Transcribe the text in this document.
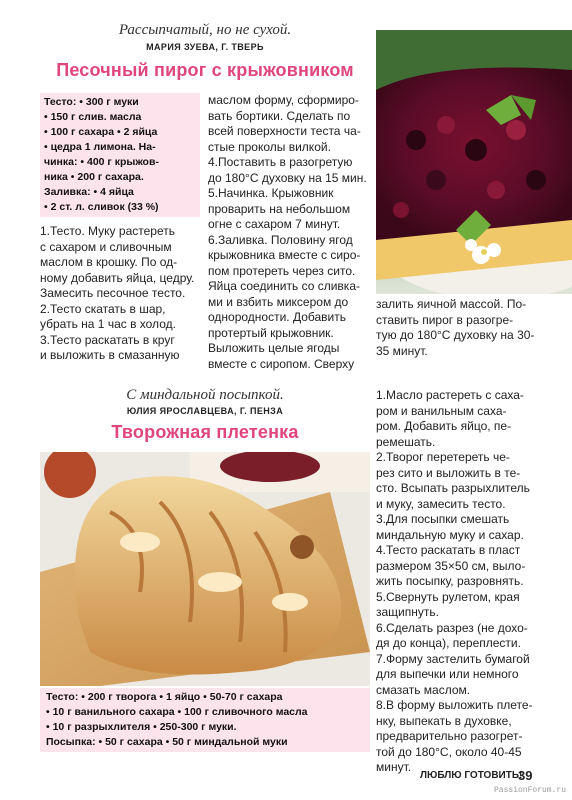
Рассыпчатый, но не сухой.
МАРИЯ ЗУЕВА, Г. ТВЕРЬ
Песочный пирог с крыжовником
Тесто: • 300 г муки
• 150 г слив. масла
• 100 г сахара • 2 яйца
• цедра 1 лимона. На-
чинка: • 400 г крыжов-
ника • 200 г сахара.
Заливка: • 4 яйца
• 2 ст. л. сливок (33 %)

1.Тесто. Муку растереть

с сахаром и сливочным

маслом в крошку. По од-

ному добавить яйца, цедру.

Замесить песочное тесто.

2.Тесто скатать в шар,

убрать на 1 час в холод.

3.Тесто раскатать в круг

и выложить в смазанную

маслом форму, сформиро-

вать бортики. Сделать по

всей поверхности теста ча-

стые проколы вилкой.

4.Поставить в разогретую

до 180°С духовку на 15 мин.

5.Начинка. Крыжовник

проварить на небольшом

огне с сахаром 7 минут.

6.Заливка. Половину ягод

крыжовника вместе с сиро-

пом протереть через сито.

Яйца соединить со сливка-

ми и взбить миксером до

однородности. Добавить

протертый крыжовник.

Выложить целые ягоды

вместе с сиропом. Сверху

залить яичной массой. По-

ставить пирог в разогре-

тую до 180°С духовку на 30-

35 минут.

С миндальной посыпкой.
ЮЛИЯ ЯРОСЛАВЦЕВА, Г. ПЕНЗА
Творожная плетенка
Тесто: • 200 г творога • 1 яйцо • 50-70 г сахара
• 10 г ванильного сахара • 100 г сливочного масла
• 10 г разрыхлителя • 250-300 г муки.
Посыпка: • 50 г сахара • 50 г миндальной муки

1.Масло растереть с саха-

ром и ванильным саха-

ром. Добавить яйцо, пе-

ремешать.

2.Творог перетереть че-

рез сито и выложить в те-

сто. Всыпать разрыхлитель

и муку, замесить тесто.

3.Для посыпки смешать

миндальную муку и сахар.

4.Тесто раскатать в пласт

размером 35×50 см, выло-

жить посыпку, разровнять.

5.Свернуть рулетом, края

защипнуть.

6.Сделать разрез (не дохо-

дя до конца), переплести.

7.Форму застелить бумагой

для выпечки или немного

смазать маслом.

8.В форму выложить плете-

нку, выпекать в духовке,

предварительно разогрет-

той до 180°С, около 40-45

минут.

ЛЮБЛЮ ГОТОВИТЬ!
39
PassionForum.ru
